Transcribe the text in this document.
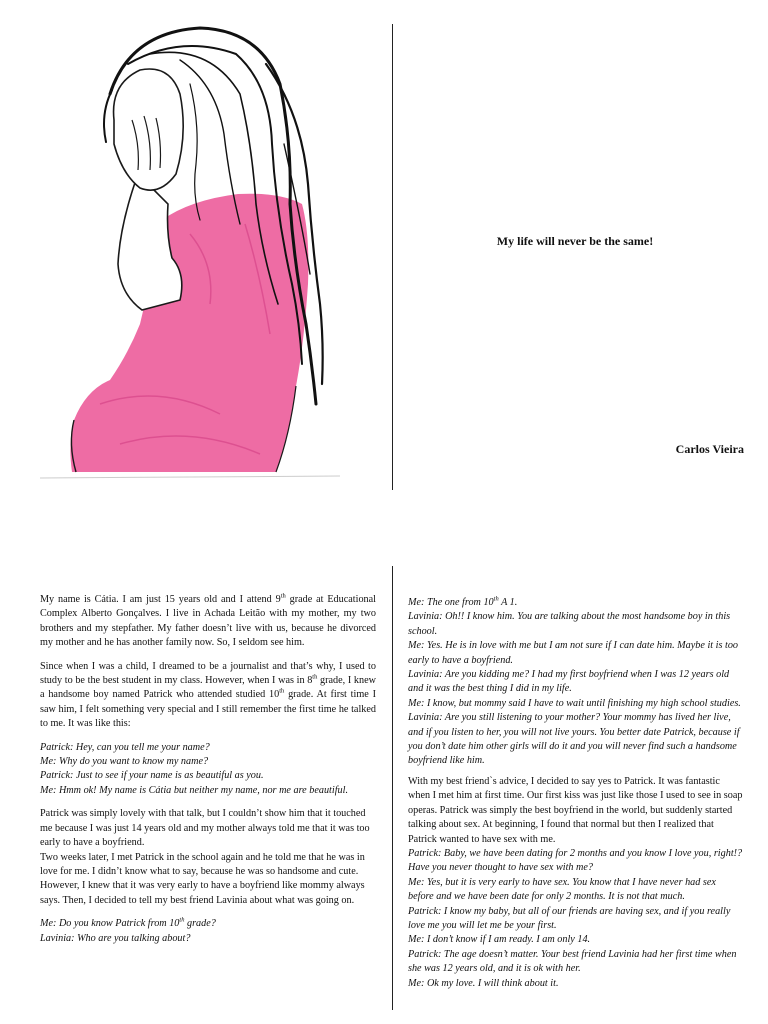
My life will never be the same!
Carlos Vieira

My name is Cátia. I am just 15 years old and I attend 9th grade at Educational Complex Alberto Gonçalves. I live in Achada Leitão with my mother, my two brothers and my stepfather. My father doesn’t live with us, because he divorced my mother and he has another family now. So, I seldom see him.

Since when I was a child, I dreamed to be a journalist and that’s why, I used to study to be the best student in my class. However, when I was in 8th grade, I knew a handsome boy named Patrick who attended studied 10th grade. At first time I saw him, I felt something very special and I still remember the first time he talked to me. It was like this:

Patrick: Hey, can you tell me your name?

Me: Why do you want to know my name?

Patrick: Just to see if your name is as beautiful as you.

Me: Hmm ok! My name is Cátia but neither my name, nor me are beautiful.

Patrick was simply lovely with that talk, but I couldn’t show him that it touched me because I was just 14 years old and my mother always told me that it was too early to have a boyfriend.

Two weeks later, I met Patrick in the school again and he told me that he was in love for me. I didn’t know what to say, because he was so handsome and cute. However, I knew that it was very early to have a boyfriend like mommy always says. Then, I decided to tell my best friend Lavinia about what was going on.

Me: Do you know Patrick from 10th grade?

Lavinia: Who are you talking about?

Me: The one from 10th A 1.

Lavinia: Oh!! I know him. You are talking about the most handsome boy in this school.

Me: Yes. He is in love with me but I am not sure if I can date him. Maybe it is too early to have a boyfriend.

Lavinia: Are you kidding me? I had my first boyfriend when I was 12 years old and it was the best thing I did in my life.

Me: I know, but mommy said I have to wait until finishing my high school studies.

Lavinia: Are you still listening to your mother? Your mommy has lived her live, and if you listen to her, you will not live yours. You better date Patrick, because if you don’t date him other girls will do it and you will never find such a handsome boyfriend like him.

With my best friend`s advice, I decided to say yes to Patrick. It was fantastic when I met him at first time. Our first kiss was just like those I used to see in soap operas. Patrick was simply the best boyfriend in the world, but suddenly started talking about sex. At beginning, I found that normal but then I realized that Patrick wanted to have sex with me.

Patrick: Baby, we have been dating for 2 months and you know I love you, right!?Have you never thought to have sex with me?

Me: Yes, but it is very early to have sex. You know that I have never had sex before and we have been date for only 2 months. It is not that much.

Patrick: I know my baby, but all of our friends are having sex, and if you really love me you will let me be your first.

Me: I don’t know if I am ready. I am only 14.

Patrick: The age doesn’t matter. Your best friend Lavinia had her first time when she was 12 years old, and it is ok with her.

Me: Ok my love. I will think about it.
